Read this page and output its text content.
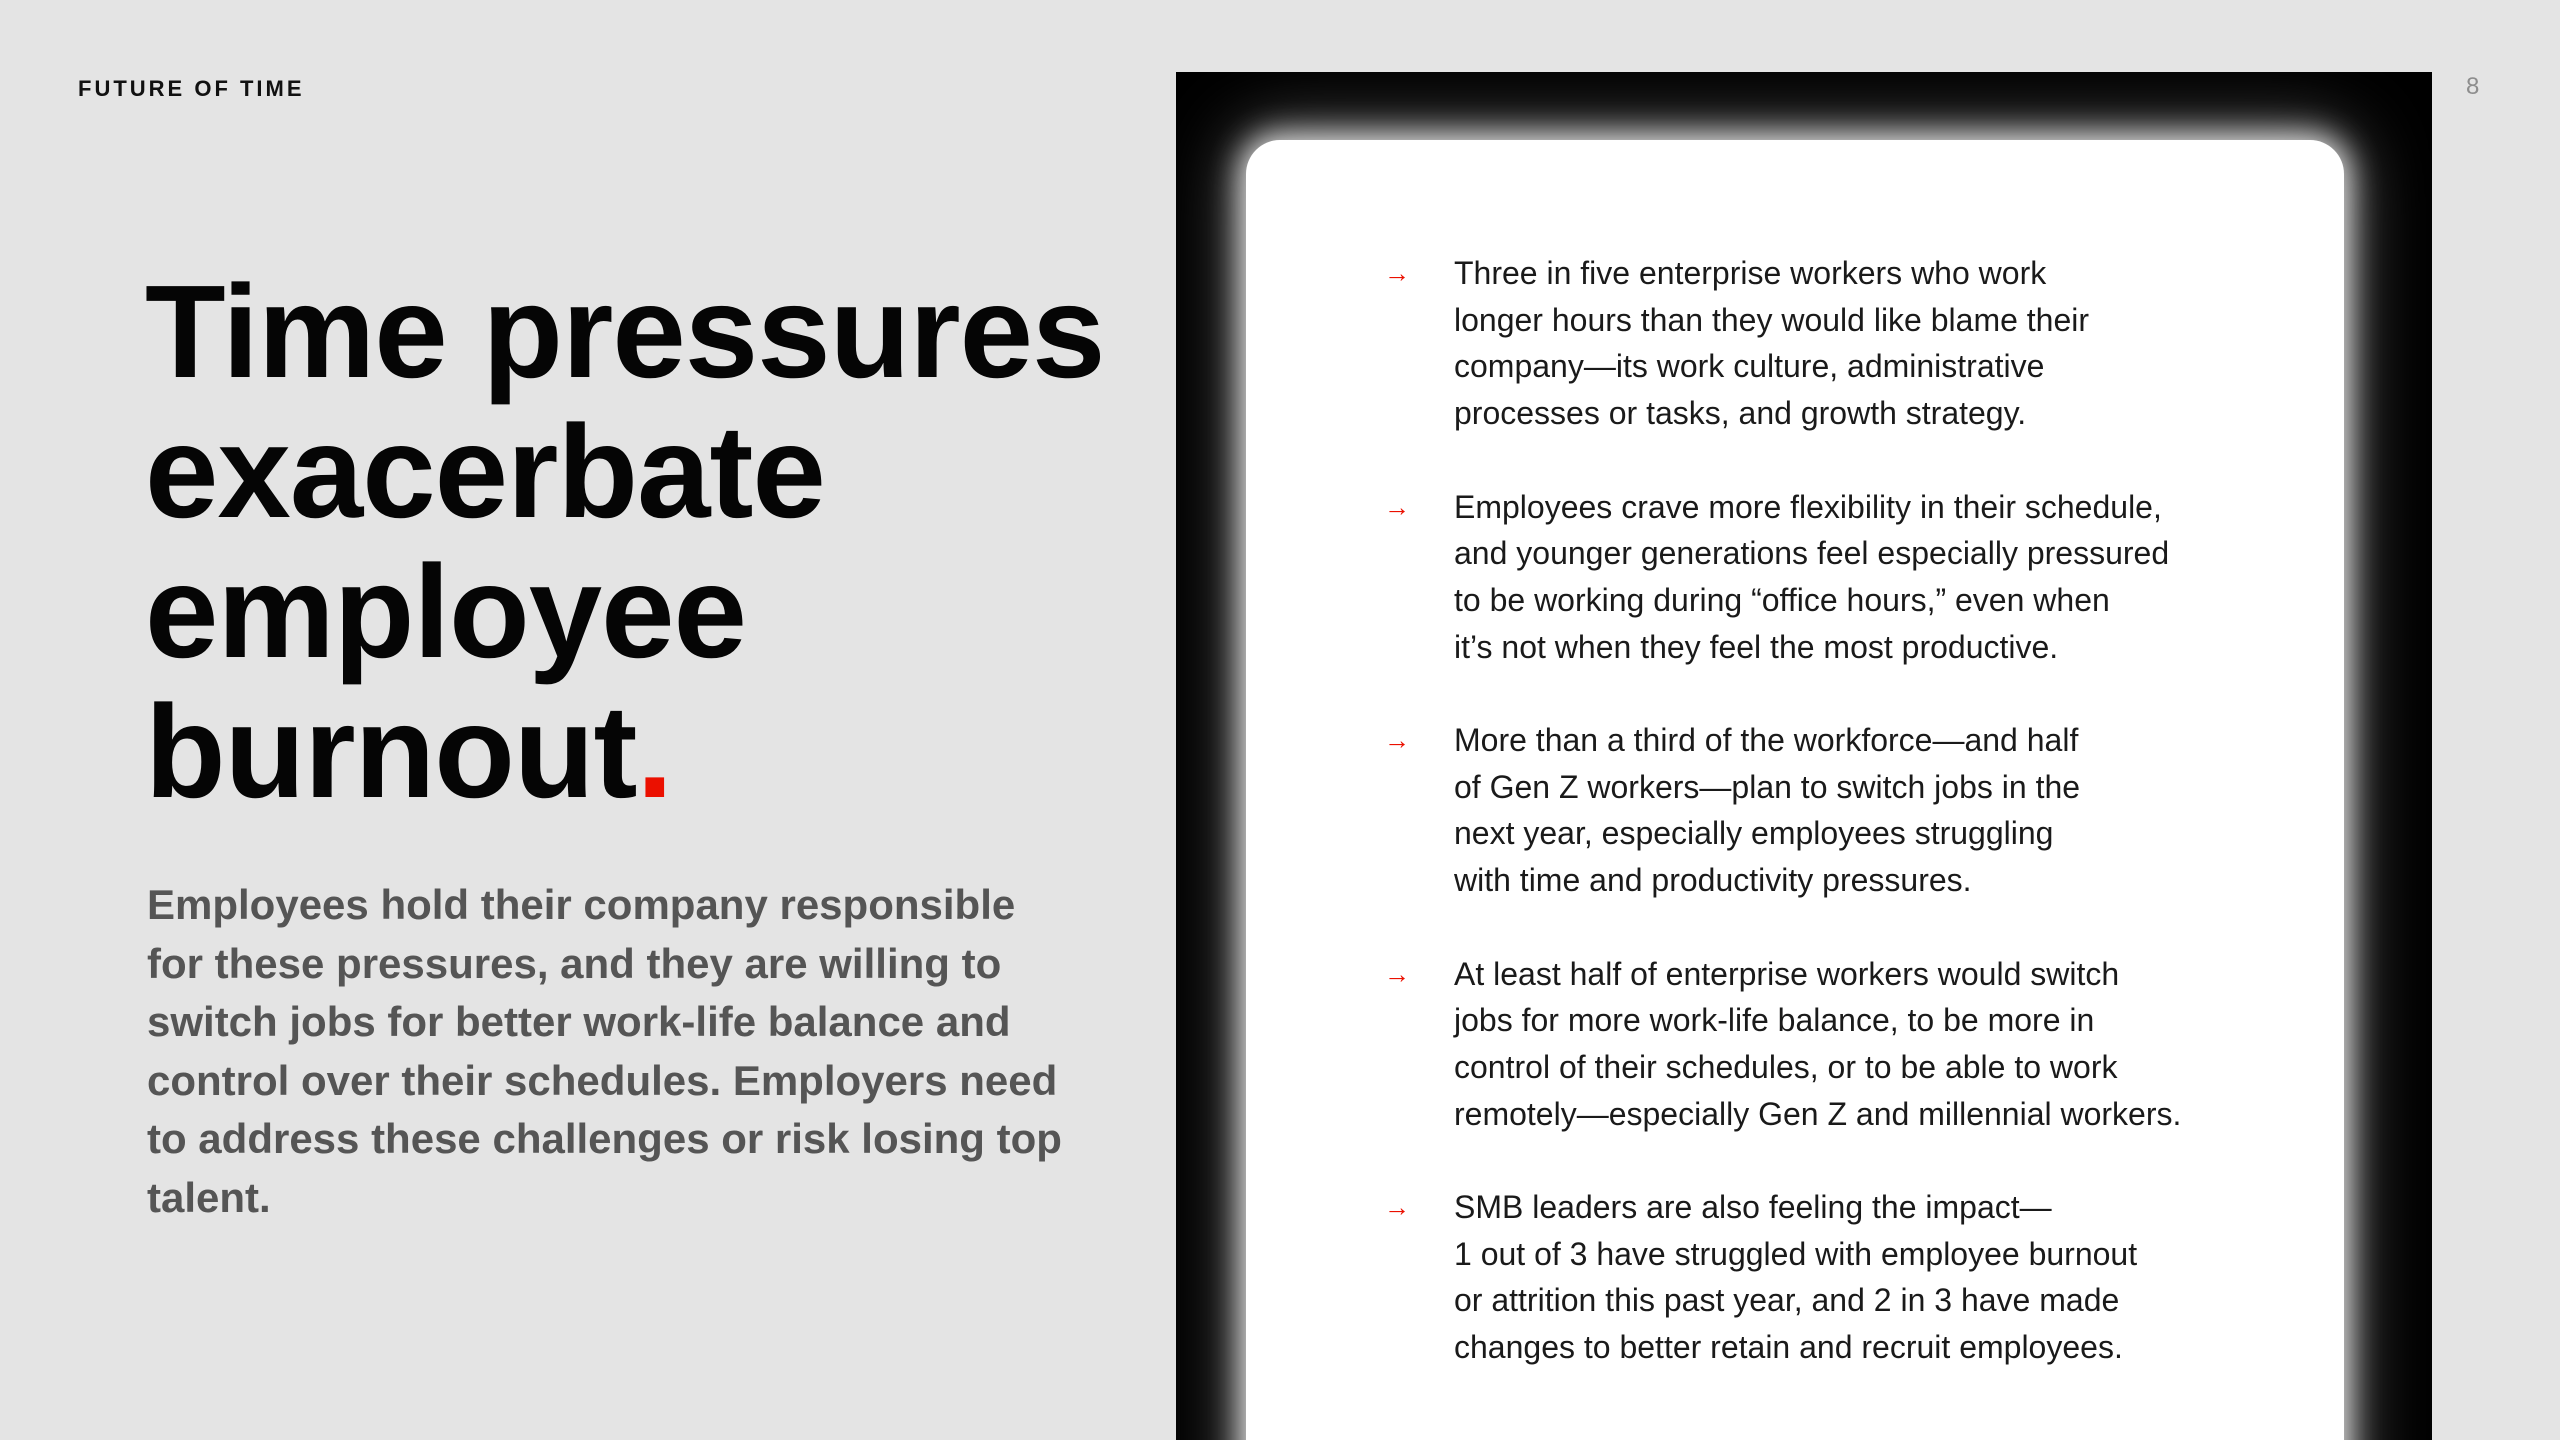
FUTURE OF TIME	8
Time pressures
exacerbate
employee
burnout.

Employees hold their company responsible for these pressures, and they are willing to switch jobs for better work-life balance and control over their schedules. Employers need to address these challenges or risk losing top talent.

→ Three in five enterprise workers who work
longer hours than they would like blame their
company—its work culture, administrative
processes or tasks, and growth strategy.
→ Employees crave more flexibility in their schedule,
and younger generations feel especially pressured
to be working during “office hours,” even when
it’s not when they feel the most productive.
→ More than a third of the workforce—and half
of Gen Z workers—plan to switch jobs in the
next year, especially employees struggling
with time and productivity pressures.
→ At least half of enterprise workers would switch
jobs for more work-life balance, to be more in
control of their schedules, or to be able to work
remotely—especially Gen Z and millennial workers.
→ SMB leaders are also feeling the impact—
1 out of 3 have struggled with employee burnout
or attrition this past year, and 2 in 3 have made
changes to better retain and recruit employees.
